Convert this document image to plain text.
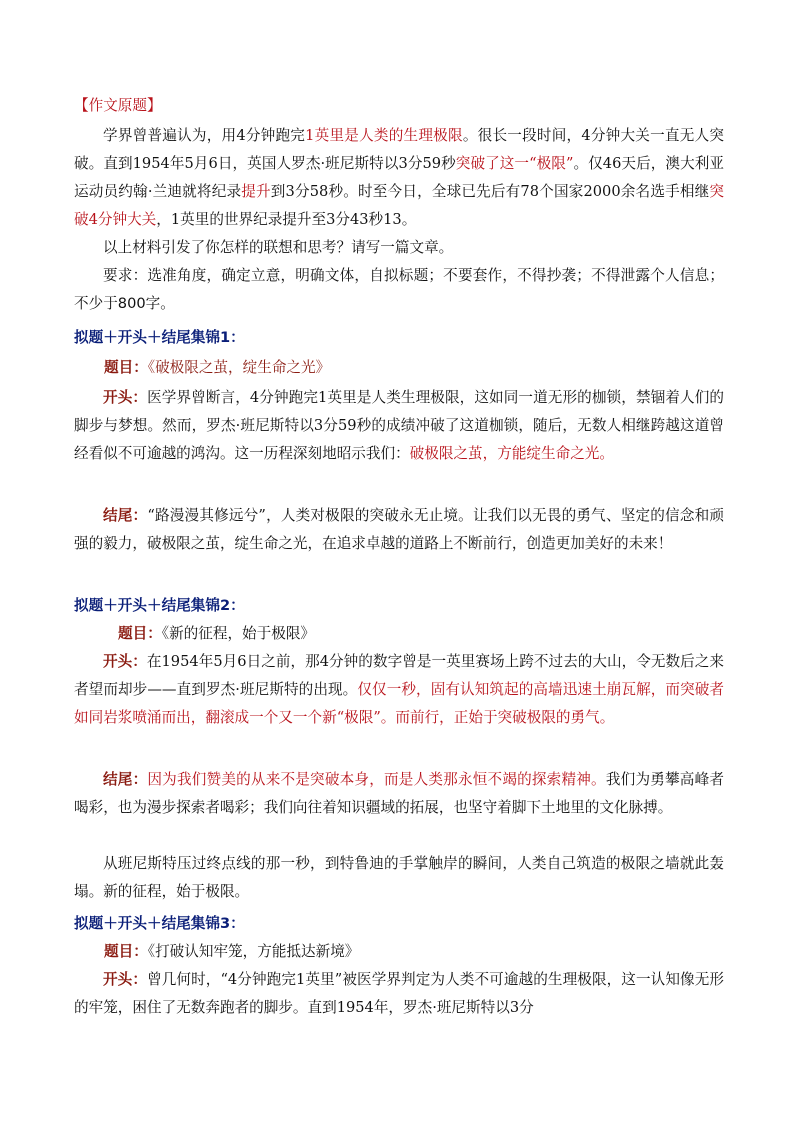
【作文原题】

学界曾普遍认为，用4分钟跑完1英里是人类的生理极限。很长一段时间，4分钟大关一直无人突破。直到1954年5月6日，英国人罗杰·班尼斯特以3分59秒突破了这一“极限”。仅46天后，澳大利亚运动员约翰·兰迪就将纪录提升到3分58秒。时至今日，全球已先后有78个国家2000余名选手相继突破4分钟大关，1英里的世界纪录提升至3分43秒13。

以上材料引发了你怎样的联想和思考？请写一篇文章。

要求：选准角度，确定立意，明确文体，自拟标题；不要套作，不得抄袭；不得泄露个人信息；不少于800字。

拟题＋开头＋结尾集锦1：

题目：《破极限之茧，绽生命之光》

开头：医学界曾断言，4分钟跑完1英里是人类生理极限，这如同一道无形的枷锁，禁锢着人们的脚步与梦想。然而，罗杰·班尼斯特以3分59秒的成绩冲破了这道枷锁，随后，无数人相继跨越这道曾经看似不可逾越的鸿沟。这一历程深刻地昭示我们：破极限之茧，方能绽生命之光。

结尾：“路漫漫其修远兮”，人类对极限的突破永无止境。让我们以无畏的勇气、坚定的信念和顽强的毅力，破极限之茧，绽生命之光，在追求卓越的道路上不断前行，创造更加美好的未来！

拟题＋开头＋结尾集锦2：

题目：《新的征程，始于极限》

开头：在1954年5月6日之前，那4分钟的数字曾是一英里赛场上跨不过去的大山，令无数后之来者望而却步——直到罗杰·班尼斯特的出现。仅仅一秒，固有认知筑起的高墙迅速土崩瓦解，而突破者如同岩浆喷涌而出，翻滚成一个又一个新“极限”。而前行，正始于突破极限的勇气。

结尾：因为我们赞美的从来不是突破本身，而是人类那永恒不竭的探索精神。我们为勇攀高峰者喝彩，也为漫步探索者喝彩；我们向往着知识疆域的拓展，也坚守着脚下土地里的文化脉搏。

从班尼斯特压过终点线的那一秒，到特鲁迪的手掌触岸的瞬间，人类自己筑造的极限之墙就此轰塌。新的征程，始于极限。

拟题＋开头＋结尾集锦3：

题目：《打破认知牢笼，方能抵达新境》

开头：曾几何时，“4分钟跑完1英里”被医学界判定为人类不可逾越的生理极限，这一认知像无形的牢笼，困住了无数奔跑者的脚步。直到1954年，罗杰·班尼斯特以3分
